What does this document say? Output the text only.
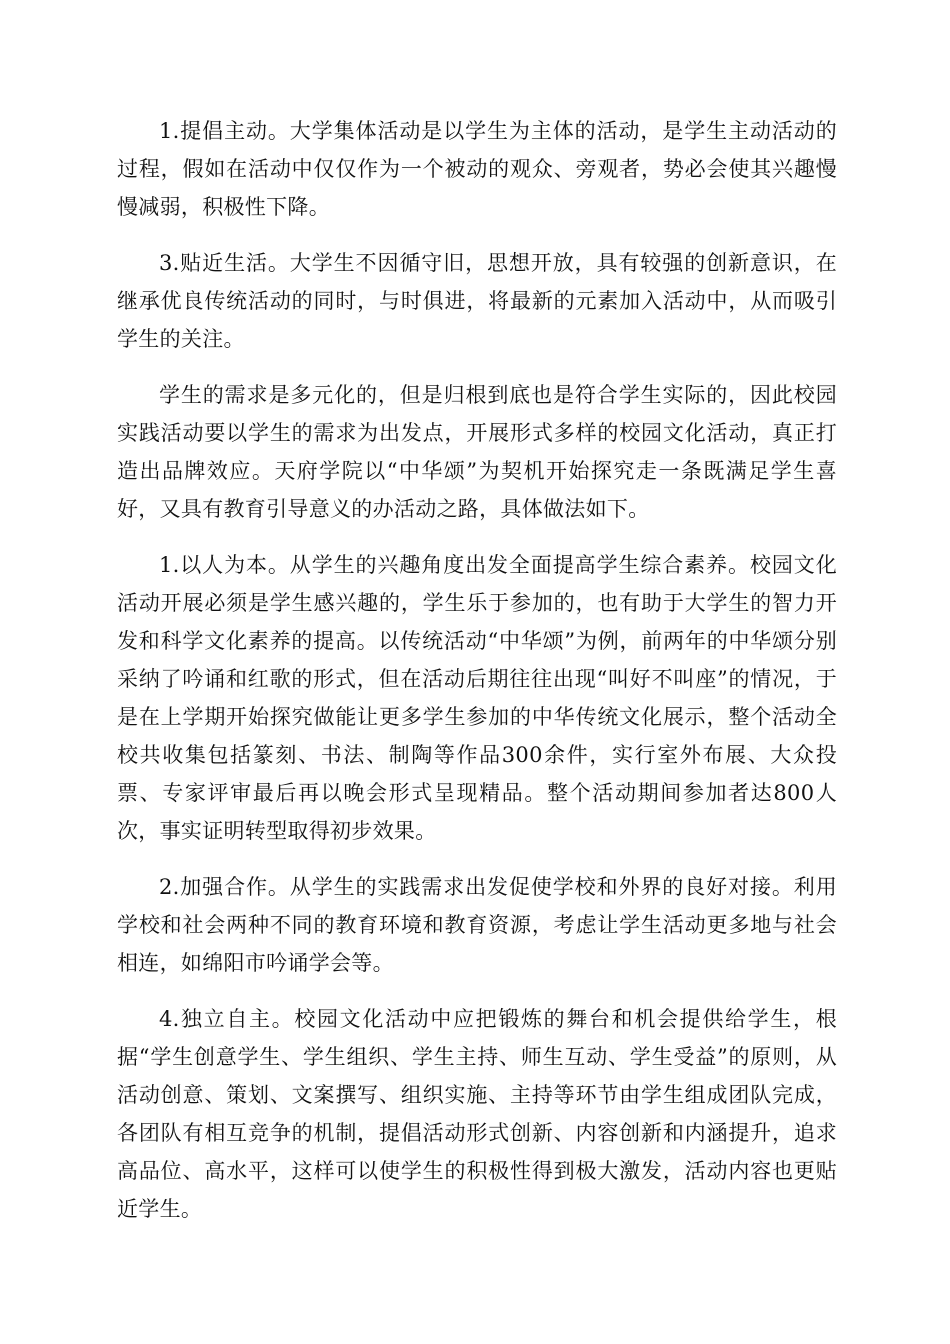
1.提倡主动。大学集体活动是以学生为主体的活动，是学生主动活动的过程，假如在活动中仅仅作为一个被动的观众、旁观者，势必会使其兴趣慢慢减弱，积极性下降。

3.贴近生活。大学生不因循守旧，思想开放，具有较强的创新意识，在继承优良传统活动的同时，与时俱进，将最新的元素加入活动中，从而吸引学生的关注。

学生的需求是多元化的，但是归根到底也是符合学生实际的，因此校园实践活动要以学生的需求为出发点，开展形式多样的校园文化活动，真正打造出品牌效应。天府学院以“中华颂”为契机开始探究走一条既满足学生喜好，又具有教育引导意义的办活动之路，具体做法如下。

1.以人为本。从学生的兴趣角度出发全面提高学生综合素养。校园文化活动开展必须是学生感兴趣的，学生乐于参加的，也有助于大学生的智力开发和科学文化素养的提高。以传统活动“中华颂”为例，前两年的中华颂分别采纳了吟诵和红歌的形式，但在活动后期往往出现“叫好不叫座”的情况，于是在上学期开始探究做能让更多学生参加的中华传统文化展示，整个活动全校共收集包括篆刻、书法、制陶等作品300余件，实行室外布展、大众投票、专家评审最后再以晚会形式呈现精品。整个活动期间参加者达800人次，事实证明转型取得初步效果。

2.加强合作。从学生的实践需求出发促使学校和外界的良好对接。利用学校和社会两种不同的教育环境和教育资源，考虑让学生活动更多地与社会相连，如绵阳市吟诵学会等。

4.独立自主。校园文化活动中应把锻炼的舞台和机会提供给学生，根据“学生创意学生、学生组织、学生主持、师生互动、学生受益”的原则，从活动创意、策划、文案撰写、组织实施、主持等环节由学生组成团队完成，各团队有相互竞争的机制，提倡活动形式创新、内容创新和内涵提升，追求高品位、高水平，这样可以使学生的积极性得到极大激发，活动内容也更贴近学生。
